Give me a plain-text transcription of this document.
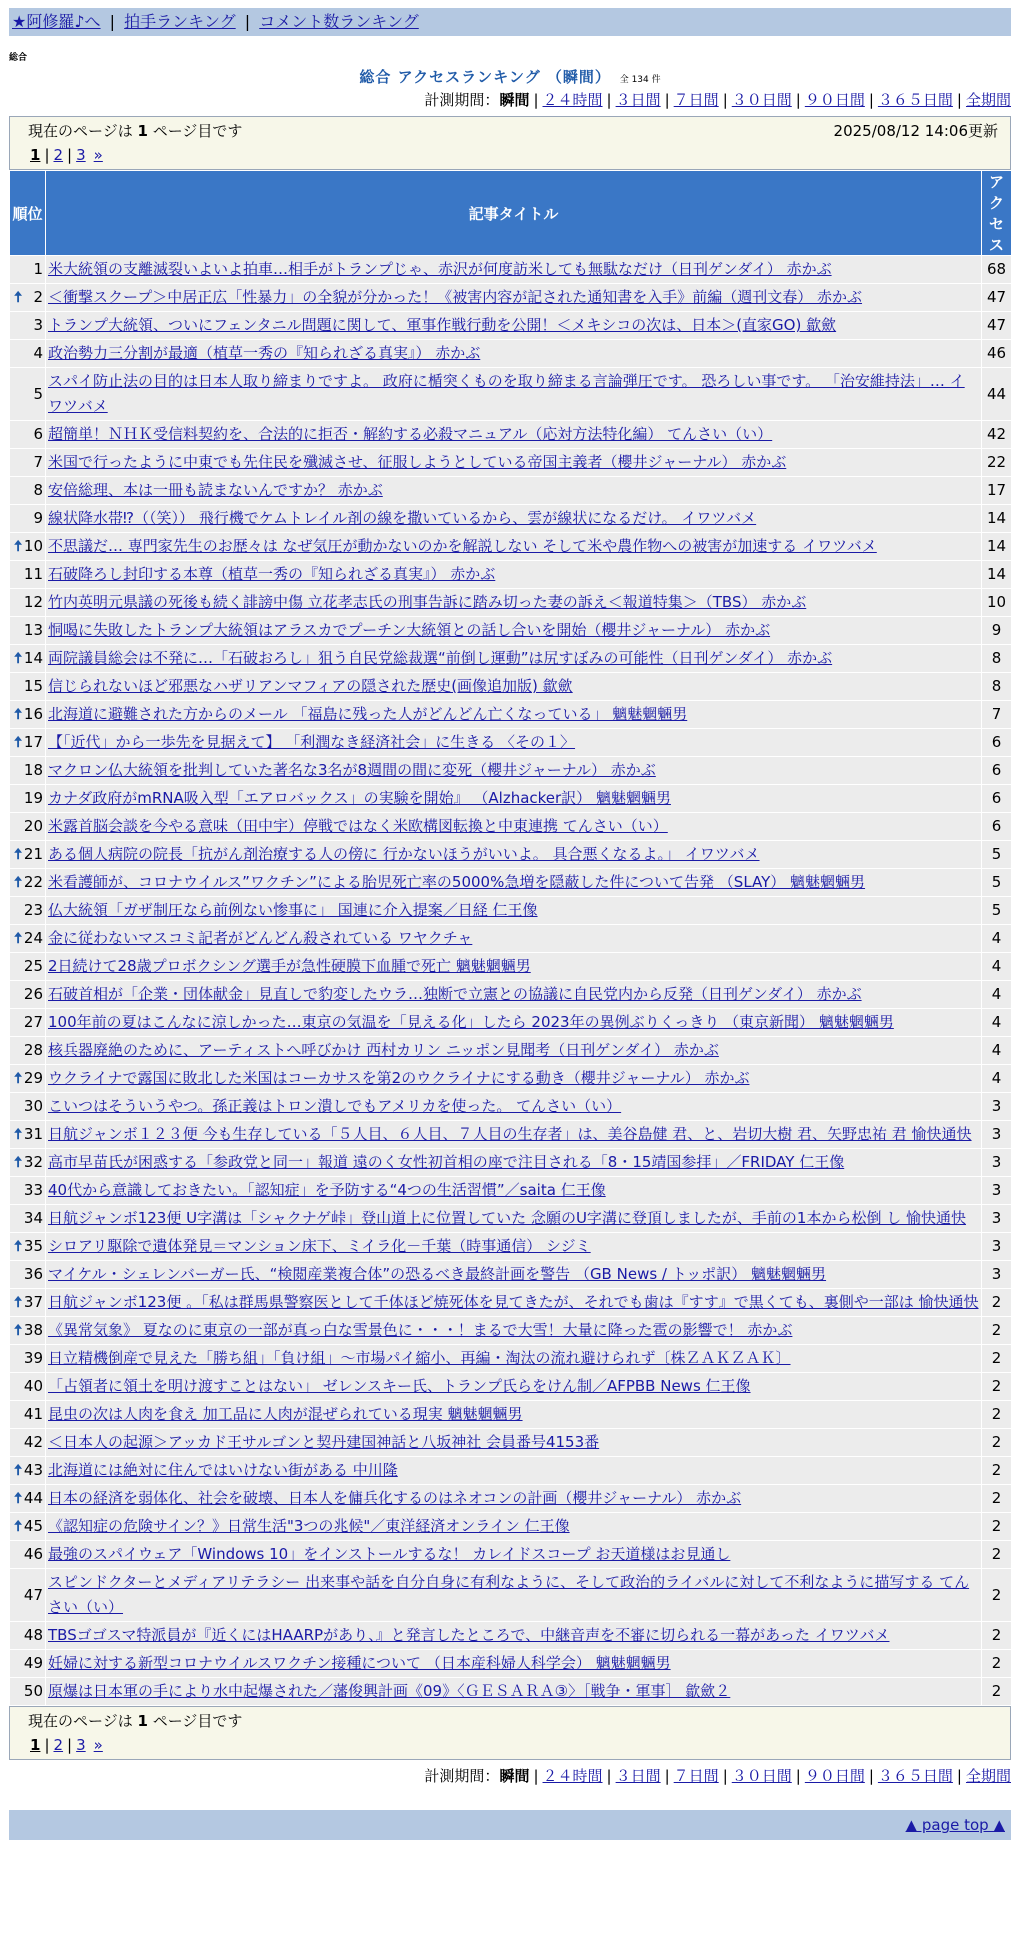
★阿修羅♪へ | 拍手ランキング | コメント数ランキング
総合
総合 アクセスランキング （瞬間） 全 134 件
計測期間：瞬間 | ２４時間 | ３日間 | ７日間 | ３０日間 | ９０日間 | ３６５日間 | 全期間
現在のページは 1 ページ目です	2025/08/12 14:06更新
1 | 2 | 3 »
順位	記事タイトル	アクセス
1	米大統領の支離滅裂いよいよ拍車…相手がトランプじゃ、赤沢が何度訪米しても無駄なだけ（日刊ゲンダイ） 赤かぶ	68

🠅 2	＜衝撃スクープ＞中居正広「性暴力」の全貌が分かった！《被害内容が記された通知書を入手》前編（週刊文春） 赤かぶ	47
3	トランプ大統領、ついにフェンタニル問題に関して、軍事作戦行動を公開！＜メキシコの次は、日本＞(直家GO) 歙歛	47
4	政治勢力三分割が最適（植草一秀の『知られざる真実』） 赤かぶ	46
5	スパイ防止法の目的は日本人取り締まりですよ。 政府に楯突くものを取り締まる言論弾圧です。 恐ろしい事です。 「治安維持法」… イワツバメ	44
6	超簡単！ＮＨＫ受信料契約を、合法的に拒否・解約する必殺マニュアル（応対方法特化編） てんさい（い）	42
7	米国で行ったように中東でも先住民を殲滅させ、征服しようとしている帝国主義者（櫻井ジャーナル） 赤かぶ	22
8	安倍総理、本は一冊も読まないんですか？ 赤かぶ	17
9	線状降水帯⁉（（笑）） 飛行機でケムトレイル剤の線を撒いているから、雲が線状になるだけ。 イワツバメ	14

🠅 10	不思議だ… 専門家先生のお歴々は なぜ気圧が動かないのかを解説しない そして米や農作物への被害が加速する イワツバメ	14
11	石破降ろし封印する本尊（植草一秀の『知られざる真実』） 赤かぶ	14
12	竹内英明元県議の死後も続く誹謗中傷 立花孝志氏の刑事告訴に踏み切った妻の訴え＜報道特集＞（TBS） 赤かぶ	10
13	恫喝に失敗したトランプ大統領はアラスカでプーチン大統領との話し合いを開始（櫻井ジャーナル） 赤かぶ	9

🠅 14	両院議員総会は不発に…「石破おろし」狙う自民党総裁選“前倒し運動”は尻すぼみの可能性（日刊ゲンダイ） 赤かぶ	8
15	信じられないほど邪悪なハザリアンマフィアの隠された歴史(画像追加版) 歙歛	8

🠅 16	北海道に避難された方からのメール 「福島に残った人がどんどん亡くなっている」 魑魅魍魎男	7

🠅 17	【「近代」から一歩先を見据えて】 「利潤なき経済社会」に生きる 〈その１〉	6
18	マクロン仏大統領を批判していた著名な3名が8週間の間に変死（櫻井ジャーナル） 赤かぶ	6
19	カナダ政府がmRNA吸入型「エアロバックス」の実験を開始』 （Alzhacker訳） 魑魅魍魎男	6
20	米露首脳会談を今やる意味（田中宇）停戦ではなく米欧構図転換と中東連携 てんさい（い）	6

🠅 21	ある個人病院の院長「抗がん剤治療する人の傍に 行かないほうがいいよ。 具合悪くなるよ。」 イワツバメ	5

🠅 22	米看護師が、コロナウイルス”ワクチン”による胎児死亡率の5000%急増を隠蔽した件について告発 （SLAY） 魑魅魍魎男	5
23	仏大統領「ガザ制圧なら前例ない惨事に」 国連に介入提案／日経 仁王像	5

🠅 24	金に従わないマスコミ記者がどんどん殺されている ワヤクチャ	4
25	2日続けて28歳プロボクシング選手が急性硬膜下血腫で死亡 魑魅魍魎男	4
26	石破首相が「企業・団体献金」見直しで豹変したウラ…独断で立憲との協議に自民党内から反発（日刊ゲンダイ） 赤かぶ	4
27	100年前の夏はこんなに涼しかった…東京の気温を「見える化」したら 2023年の異例ぶりくっきり （東京新聞） 魑魅魍魎男	4
28	核兵器廃絶のために、アーティストへ呼びかけ 西村カリン ニッポン見聞考（日刊ゲンダイ） 赤かぶ	4

🠅 29	ウクライナで露国に敗北した米国はコーカサスを第2のウクライナにする動き（櫻井ジャーナル） 赤かぶ	4
30	こいつはそういうやつ。孫正義はトロン潰しでもアメリカを使った。 てんさい（い）	3

🠅 31	日航ジャンボ１２３便 今も生存している「５人目、６人目、７人目の生存者」は、美谷島健 君、と、岩切大樹 君、矢野忠祐 君 愉快通快	3

🠅 32	高市早苗氏が困惑する「参政党と同一」報道 遠のく女性初首相の座で注目される「8・15靖国参拝」／FRIDAY 仁王像	3
33	40代から意識しておきたい。「認知症」を予防する“4つの生活習慣”／saita 仁王像	3
34	日航ジャンボ123便 U字溝は「シャクナゲ峠」登山道上に位置していた 念願のU字溝に登頂しましたが、手前の1本から松倒 し 愉快通快	3

🠅 35	シロアリ駆除で遺体発見＝マンション床下、ミイラ化－千葉（時事通信） シジミ	3
36	マイケル・シェレンバーガー氏、“検閲産業複合体”の恐るべき最終計画を警告 （GB News / トッポ訳） 魑魅魍魎男	3

🠅 37	日航ジャンボ123便 。「私は群馬県警察医として千体ほど焼死体を見てきたが、それでも歯は『すす』で黒くても、裏側や一部は 愉快通快	2

🠅 38	《異常気象》 夏なのに東京の一部が真っ白な雪景色に・・・！まるで大雪！大量に降った雹の影響で！ 赤かぶ	2
39	日立精機倒産で見えた「勝ち組」「負け組」～市場パイ縮小、再編・淘汰の流れ避けられず〔株ＺＡＫＺＡＫ〕	2
40	「占領者に領土を明け渡すことはない」 ゼレンスキー氏、トランプ氏らをけん制／AFPBB News 仁王像	2
41	昆虫の次は人肉を食え 加工品に人肉が混ぜられている現実 魑魅魍魎男	2
42	＜日本人の起源＞アッカド王サルゴンと契丹建国神話と八坂神社 会員番号4153番	2

🠅 43	北海道には絶対に住んではいけない街がある 中川隆	2

🠅 44	日本の経済を弱体化、社会を破壊、日本人を傭兵化するのはネオコンの計画（櫻井ジャーナル） 赤かぶ	2

🠅 45	《認知症の危険サイン？》日常生活"3つの兆候"／東洋経済オンライン 仁王像	2
46	最強のスパイウェア「Windows 10」をインストールするな！ カレイドスコープ お天道様はお見通し	2
47	スピンドクターとメディアリテラシー 出来事や話を自分自身に有利なように、そして政治的ライバルに対して不利なように描写する てんさい（い）	2
48	TBSゴゴスマ特派員が『近くにはHAARPがあり、』と発言したところで、中継音声を不審に切られる一幕があった イワツバメ	2
49	妊婦に対する新型コロナウイルスワクチン接種について （日本産科婦人科学会） 魑魅魍魎男	2
50	原爆は日本軍の手により水中起爆された／藩俊興計画《09》〈ＧＥＳＡＲＡ③〉［戦争・軍事］ 歙歛２	2
現在のページは 1 ページ目です
1 | 2 | 3 »
計測期間：瞬間 | ２４時間 | ３日間 | ７日間 | ３０日間 | ９０日間 | ３６５日間 | 全期間
▲ page top ▲
